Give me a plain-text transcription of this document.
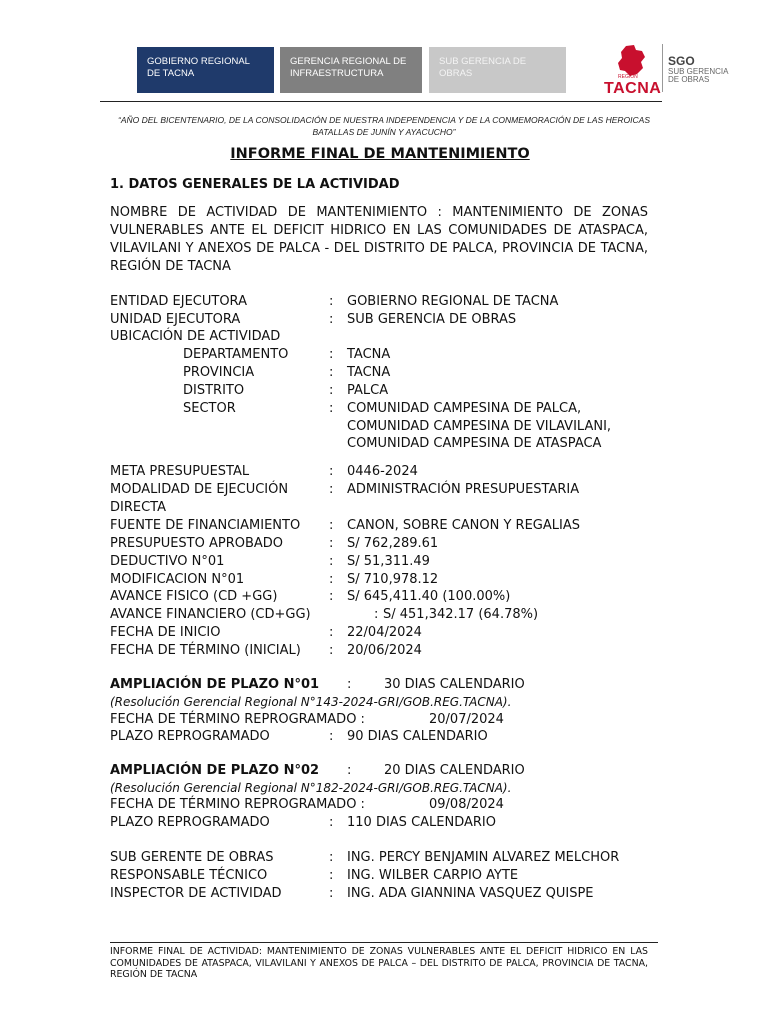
GOBIERNO REGIONAL DE TACNA
GERENCIA REGIONAL DE INFRAESTRUCTURA
SUB GERENCIA DE OBRAS	REGIÓN
TACNA
SGO
SUB GERENCIA DE OBRAS
“AÑO DEL BICENTENARIO, DE LA CONSOLIDACIÓN DE NUESTRA INDEPENDENCIA Y DE LA CONMEMORACIÓN DE LAS HEROICAS BATALLAS DE JUNÍN Y AYACUCHO”
INFORME FINAL DE MANTENIMIENTO
1. DATOS GENERALES DE LA ACTIVIDAD
NOMBRE DE ACTIVIDAD DE MANTENIMIENTO : MANTENIMIENTO DE ZONAS VULNERABLES ANTE EL DEFICIT HIDRICO EN LAS COMUNIDADES DE ATASPACA, VILAVILANI Y ANEXOS DE PALCA - DEL DISTRITO DE PALCA, PROVINCIA DE TACNA, REGIÓN DE TACNA
ENTIDAD EJECUTORA	: GOBIERNO REGIONAL DE TACNA
UNIDAD EJECUTORA	: SUB GERENCIA DE OBRAS
UBICACIÓN DE ACTIVIDAD
DEPARTAMENTO	: TACNA
PROVINCIA	: TACNA
DISTRITO	: PALCA
SECTOR	: COMUNIDAD CAMPESINA DE PALCA,
COMUNIDAD CAMPESINA DE VILAVILANI,
COMUNIDAD CAMPESINA DE ATASPACA
META PRESUPUESTAL	: 0446-2024
MODALIDAD DE EJECUCIÓN	: ADMINISTRACIÓN PRESUPUESTARIA
DIRECTA
FUENTE DE FINANCIAMIENTO : CANON, SOBRE CANON Y REGALIAS
PRESUPUESTO APROBADO	: S/ 762,289.61
DEDUCTIVO N°01	: S/ 51,311.49
MODIFICACION N°01	: S/ 710,978.12
AVANCE FISICO (CD +GG)	: S/ 645,411.40 (100.00%)
AVANCE FINANCIERO (CD+GG)	: S/ 451,342.17 (64.78%)
FECHA DE INICIO	: 22/04/2024
FECHA DE TÉRMINO (INICIAL) : 20/06/2024
AMPLIACIÓN DE PLAZO N°01 :	30 DIAS CALENDARIO
(Resolución Gerencial Regional N°143-2024-GRI/GOB.REG.TACNA).
FECHA DE TÉRMINO REPROGRAMADO :	20/07/2024
PLAZO REPROGRAMADO	: 90 DIAS CALENDARIO
AMPLIACIÓN DE PLAZO N°02 :	20 DIAS CALENDARIO
(Resolución Gerencial Regional N°182-2024-GRI/GOB.REG.TACNA).
FECHA DE TÉRMINO REPROGRAMADO :	09/08/2024
PLAZO REPROGRAMADO	: 110 DIAS CALENDARIO
SUB GERENTE DE OBRAS	: ING. PERCY BENJAMIN ALVAREZ MELCHOR
RESPONSABLE TÉCNICO	: ING. WILBER CARPIO AYTE
INSPECTOR DE ACTIVIDAD	: ING. ADA GIANNINA VASQUEZ QUISPE
INFORME FINAL DE ACTIVIDAD: MANTENIMIENTO DE ZONAS VULNERABLES ANTE EL DEFICIT HIDRICO EN LAS COMUNIDADES DE ATASPACA, VILAVILANI Y ANEXOS DE PALCA – DEL DISTRITO DE PALCA, PROVINCIA DE TACNA, REGIÓN DE TACNA
